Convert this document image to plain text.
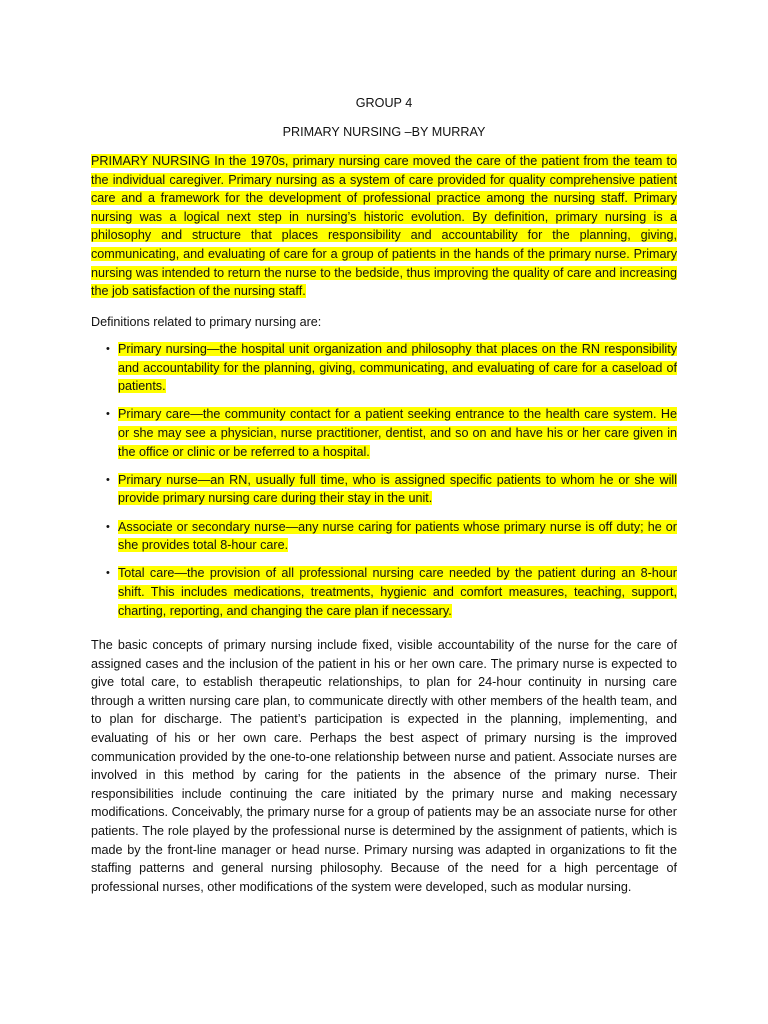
GROUP 4
PRIMARY NURSING –BY MURRAY
PRIMARY NURSING In the 1970s, primary nursing care moved the care of the patient from the team to the individual caregiver. Primary nursing as a system of care provided for quality comprehensive patient care and a framework for the development of professional practice among the nursing staff. Primary nursing was a logical next step in nursing’s historic evolution. By definition, primary nursing is a philosophy and structure that places responsibility and accountability for the planning, giving, communicating, and evaluating of care for a group of patients in the hands of the primary nurse. Primary nursing was intended to return the nurse to the bedside, thus improving the quality of care and increasing the job satisfaction of the nursing staff.
Definitions related to primary nursing are:
• Primary nursing—the hospital unit organization and philosophy that places on the RN responsibility and accountability for the planning, giving, communicating, and evaluating of care for a caseload of patients.
• Primary care—the community contact for a patient seeking entrance to the health care system. He or she may see a physician, nurse practitioner, dentist, and so on and have his or her care given in the office or clinic or be referred to a hospital.
• Primary nurse—an RN, usually full time, who is assigned specific patients to whom he or she will provide primary nursing care during their stay in the unit.
• Associate or secondary nurse—any nurse caring for patients whose primary nurse is off duty; he or she provides total 8-hour care.
• Total care—the provision of all professional nursing care needed by the patient during an 8-hour shift. This includes medications, treatments, hygienic and comfort measures, teaching, support, charting, reporting, and changing the care plan if necessary.
The basic concepts of primary nursing include fixed, visible accountability of the nurse for the care of assigned cases and the inclusion of the patient in his or her own care. The primary nurse is expected to give total care, to establish therapeutic relationships, to plan for 24-hour continuity in nursing care through a written nursing care plan, to communicate directly with other members of the health team, and to plan for discharge. The patient’s participation is expected in the planning, implementing, and evaluating of his or her own care. Perhaps the best aspect of primary nursing is the improved communication provided by the one-to-one relationship between nurse and patient. Associate nurses are involved in this method by caring for the patients in the absence of the primary nurse. Their responsibilities include continuing the care initiated by the primary nurse and making necessary modifications. Conceivably, the primary nurse for a group of patients may be an associate nurse for other patients. The role played by the professional nurse is determined by the assignment of patients, which is made by the front-line manager or head nurse. Primary nursing was adapted in organizations to fit the staffing patterns and general nursing philosophy. Because of the need for a high percentage of professional nurses, other modifications of the system were developed, such as modular nursing.
